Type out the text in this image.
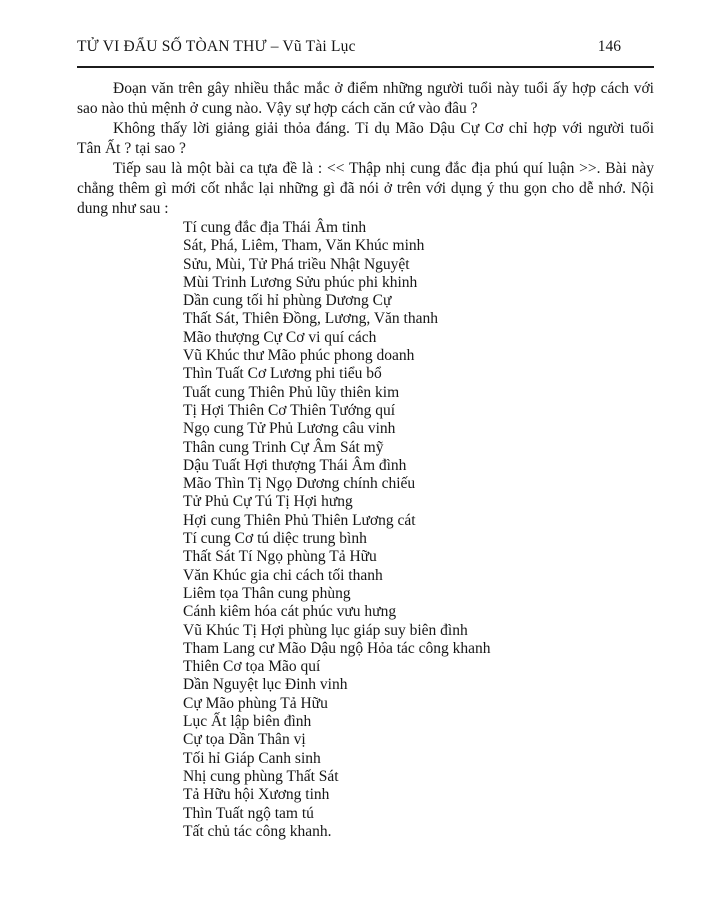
TỬ VI ĐẨU SỐ TÒAN THƯ – Vũ Tài Lục	146

Đoạn văn trên gây nhiều thắc mắc ở điểm những người tuổi này tuổi ấy hợp cách với sao nào thủ mệnh ở cung nào. Vậy sự hợp cách căn cứ vào đâu ?

Không thấy lời giảng giải thỏa đáng. Tỉ dụ Mão Dậu Cự Cơ chỉ hợp với người tuổi Tân Ất ? tại sao ?

Tiếp sau là một bài ca tựa đề là : << Thập nhị cung đắc địa phú quí luận >>. Bài này chẳng thêm gì mới cốt nhắc lại những gì đã nói ở trên với dụng ý thu gọn cho dễ nhớ. Nội dung như sau :

Tí cung đắc địa Thái Âm tinh
Sát, Phá, Liêm, Tham, Văn Khúc minh
Sửu, Mùi, Tử Phá triều Nhật Nguyệt
Mùi Trinh Lương Sửu phúc phi khinh
Dần cung tối hỉ phùng Dương Cự
Thất Sát, Thiên Đồng, Lương, Văn thanh
Mão thượng Cự Cơ vi quí cách
Vũ Khúc thư Mão phúc phong doanh
Thìn Tuất Cơ Lương phi tiểu bổ
Tuất cung Thiên Phủ lũy thiên kim
Tị Hợi Thiên Cơ Thiên Tướng quí
Ngọ cung Tử Phủ Lương câu vinh
Thân cung Trinh Cự Âm Sát mỹ
Dậu Tuất Hợi thượng Thái Âm đình
Mão Thìn Tị Ngọ Dương chính chiếu
Tử Phủ Cự Tú Tị Hợi hưng
Hợi cung Thiên Phủ Thiên Lương cát
Tí cung Cơ tú diệc trung bình
Thất Sát Tí Ngọ phùng Tả Hữu
Văn Khúc gia chi cách tối thanh
Liêm tọa Thân cung phùng
Cánh kiêm hóa cát phúc vưu hưng
Vũ Khúc Tị Hợi phùng lục giáp suy biên đình
Tham Lang cư Mão Dậu ngộ Hỏa tác công khanh
Thiên Cơ tọa Mão quí
Dần Nguyệt lục Đinh vinh
Cự Mão phùng Tả Hữu
Lục Ất lập biên đình
Cự tọa Dần Thân vị
Tối hỉ Giáp Canh sinh
Nhị cung phùng Thất Sát
Tả Hữu hội Xương tinh
Thìn Tuất ngộ tam tú
Tất chủ tác công khanh.
